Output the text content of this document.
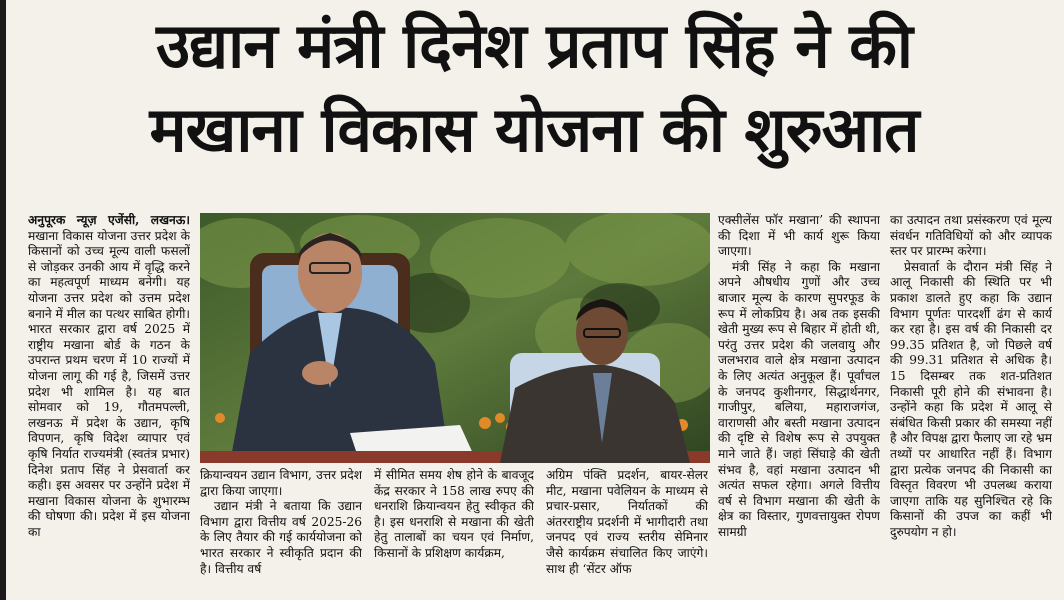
उद्यान मंत्री दिनेश प्रताप सिंह ने की
मखाना विकास योजना की शुरुआत

अनुपूरक न्यूज़ एजेंसी, लखनऊ। मखाना विकास योजना उत्तर प्रदेश के किसानों को उच्च मूल्य वाली फसलों से जोड़कर उनकी आय में वृद्धि करने का महत्वपूर्ण माध्यम बनेगी। यह योजना उत्तर प्रदेश को उत्तम प्रदेश बनाने में मील का पत्थर साबित होगी। भारत सरकार द्वारा वर्ष 2025 में राष्ट्रीय मखाना बोर्ड के गठन के उपरान्त प्रथम चरण में 10 राज्यों में योजना लागू की गई है, जिसमें उत्तर प्रदेश भी शामिल है। यह बात सोमवार को 19, गौतमपल्ली, लखनऊ में प्रदेश के उद्यान, कृषि विपणन, कृषि विदेश व्यापार एवं कृषि निर्यात राज्यमंत्री (स्वतंत्र प्रभार) दिनेश प्रताप सिंह ने प्रेसवार्ता कर कही। इस अवसर पर उन्होंने प्रदेश में मखाना विकास योजना के शुभारम्भ की घोषणा की। प्रदेश में इस योजना का

क्रियान्वयन उद्यान विभाग, उत्तर प्रदेश द्वारा किया जाएगा।

उद्यान मंत्री ने बताया कि उद्यान विभाग द्वारा वित्तीय वर्ष 2025-26 के लिए तैयार की गई कार्ययोजना को भारत सरकार ने स्वीकृति प्रदान की है। वित्तीय वर्ष

में सीमित समय शेष होने के बावजूद केंद्र सरकार ने 158 लाख रुपए की धनराशि क्रियान्वयन हेतु स्वीकृत की है। इस धनराशि से मखाना की खेती हेतु तालाबों का चयन एवं निर्माण, किसानों के प्रशिक्षण कार्यक्रम,

अग्रिम पंक्ति प्रदर्शन, बायर-सेलर मीट, मखाना पवेलियन के माध्यम से प्रचार-प्रसार, निर्यातकों की अंतरराष्ट्रीय प्रदर्शनी में भागीदारी तथा जनपद एवं राज्य स्तरीय सेमिनार जैसे कार्यक्रम संचालित किए जाएंगे। साथ ही ‘सेंटर ऑफ

एक्सीलेंस फॉर मखाना’ की स्थापना की दिशा में भी कार्य शुरू किया जाएगा।

मंत्री सिंह ने कहा कि मखाना अपने औषधीय गुणों और उच्च बाजार मूल्य के कारण सुपरफूड के रूप में लोकप्रिय है। अब तक इसकी खेती मुख्य रूप से बिहार में होती थी, परंतु उत्तर प्रदेश की जलवायु और जलभराव वाले क्षेत्र मखाना उत्पादन के लिए अत्यंत अनुकूल हैं। पूर्वांचल के जनपद कुशीनगर, सिद्धार्थनगर, गाजीपुर, बलिया, महाराजगंज, वाराणसी और बस्ती मखाना उत्पादन की दृष्टि से विशेष रूप से उपयुक्त माने जाते हैं। जहां सिंघाड़े की खेती संभव है, वहां मखाना उत्पादन भी अत्यंत सफल रहेगा। अगले वित्तीय वर्ष से विभाग मखाना की खेती के क्षेत्र का विस्तार, गुणवत्तायुक्त रोपण सामग्री

का उत्पादन तथा प्रसंस्करण एवं मूल्य संवर्धन गतिविधियों को और व्यापक स्तर पर प्रारम्भ करेगा।

प्रेसवार्ता के दौरान मंत्री सिंह ने आलू निकासी की स्थिति पर भी प्रकाश डालते हुए कहा कि उद्यान विभाग पूर्णतः पारदर्शी ढंग से कार्य कर रहा है। इस वर्ष की निकासी दर 99.35 प्रतिशत है, जो पिछले वर्ष की 99.31 प्रतिशत से अधिक है। 15 दिसम्बर तक शत-प्रतिशत निकासी पूरी होने की संभावना है। उन्होंने कहा कि प्रदेश में आलू से संबंधित किसी प्रकार की समस्या नहीं है और विपक्ष द्वारा फैलाए जा रहे भ्रम तथ्यों पर आधारित नहीं हैं। विभाग द्वारा प्रत्येक जनपद की निकासी का विस्तृत विवरण भी उपलब्ध कराया जाएगा ताकि यह सुनिश्चित रहे कि किसानों की उपज का कहीं भी दुरुपयोग न हो।
